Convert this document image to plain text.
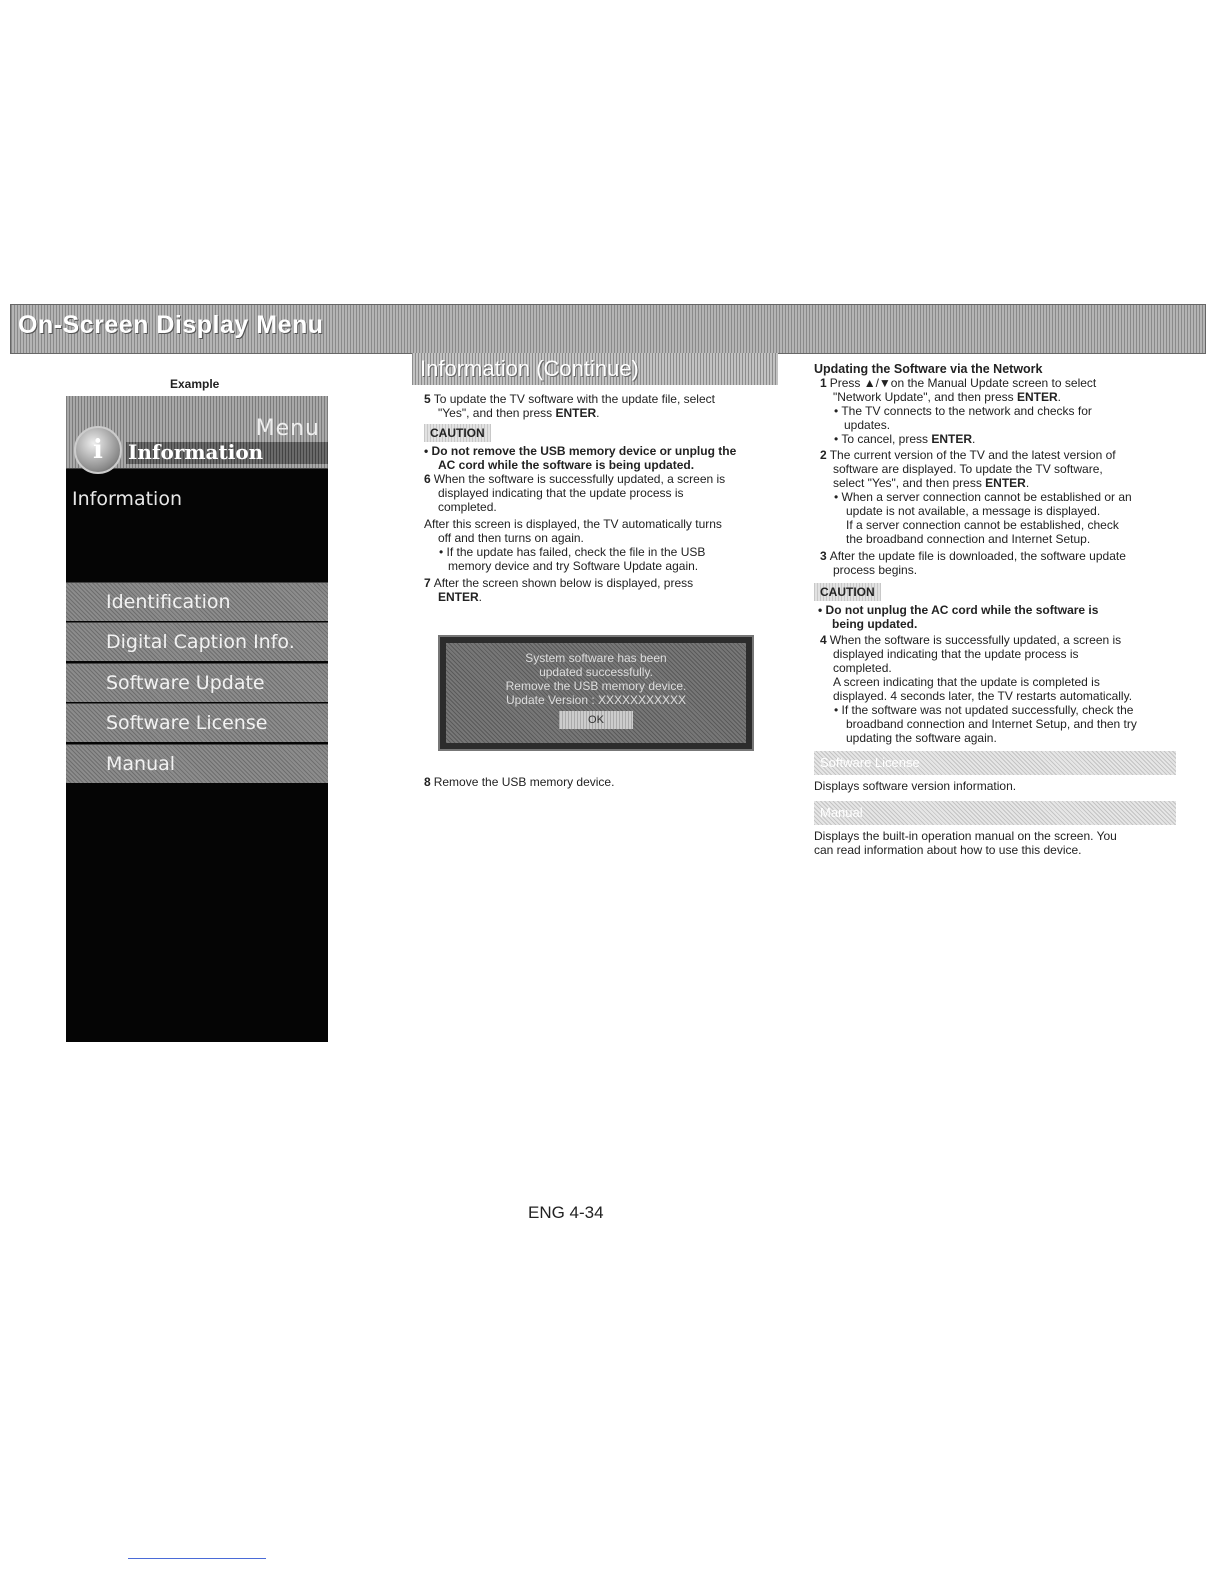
On-Screen Display Menu
Example
Menu
i	Information
Information
Identification
Digital Caption Info.
Software Update
Software License
Manual
Information (Continue)

5 To update the TV software with the update file, select

"Yes", and then press ENTER.

CAUTION

• Do not remove the USB memory device or unplug the

AC cord while the software is being updated.

6 When the software is successfully updated, a screen is

displayed indicating that the update process is

completed.

After this screen is displayed, the TV automatically turns

off and then turns on again.

• If the update has failed, check the file in the USB

memory device and try Software Update again.

7 After the screen shown below is displayed, press

ENTER.

System software has been

updated successfully.

Remove the USB memory device.

Update Version : XXXXXXXXXXX

OK

8 Remove the USB memory device.

Updating the Software via the Network

1 Press ▲/▼on the Manual Update screen to select

"Network Update", and then press ENTER.

• The TV connects to the network and checks for

updates.

• To cancel, press ENTER.

2 The current version of the TV and the latest version of

software are displayed. To update the TV software,

select "Yes", and then press ENTER.

• When a server connection cannot be established or an

update is not available, a message is displayed.

If a server connection cannot be established, check

the broadband connection and Internet Setup.

3 After the update file is downloaded, the software update

process begins.

CAUTION

• Do not unplug the AC cord while the software is

being updated.

4 When the software is successfully updated, a screen is

displayed indicating that the update process is

completed.

A screen indicating that the update is completed is

displayed. 4 seconds later, the TV restarts automatically.

• If the software was not updated successfully, check the

broadband connection and Internet Setup, and then try

updating the software again.

Software License

Displays software version information.

Manual

Displays the built-in operation manual on the screen. You

can read information about how to use this device.

ENG 4-34
